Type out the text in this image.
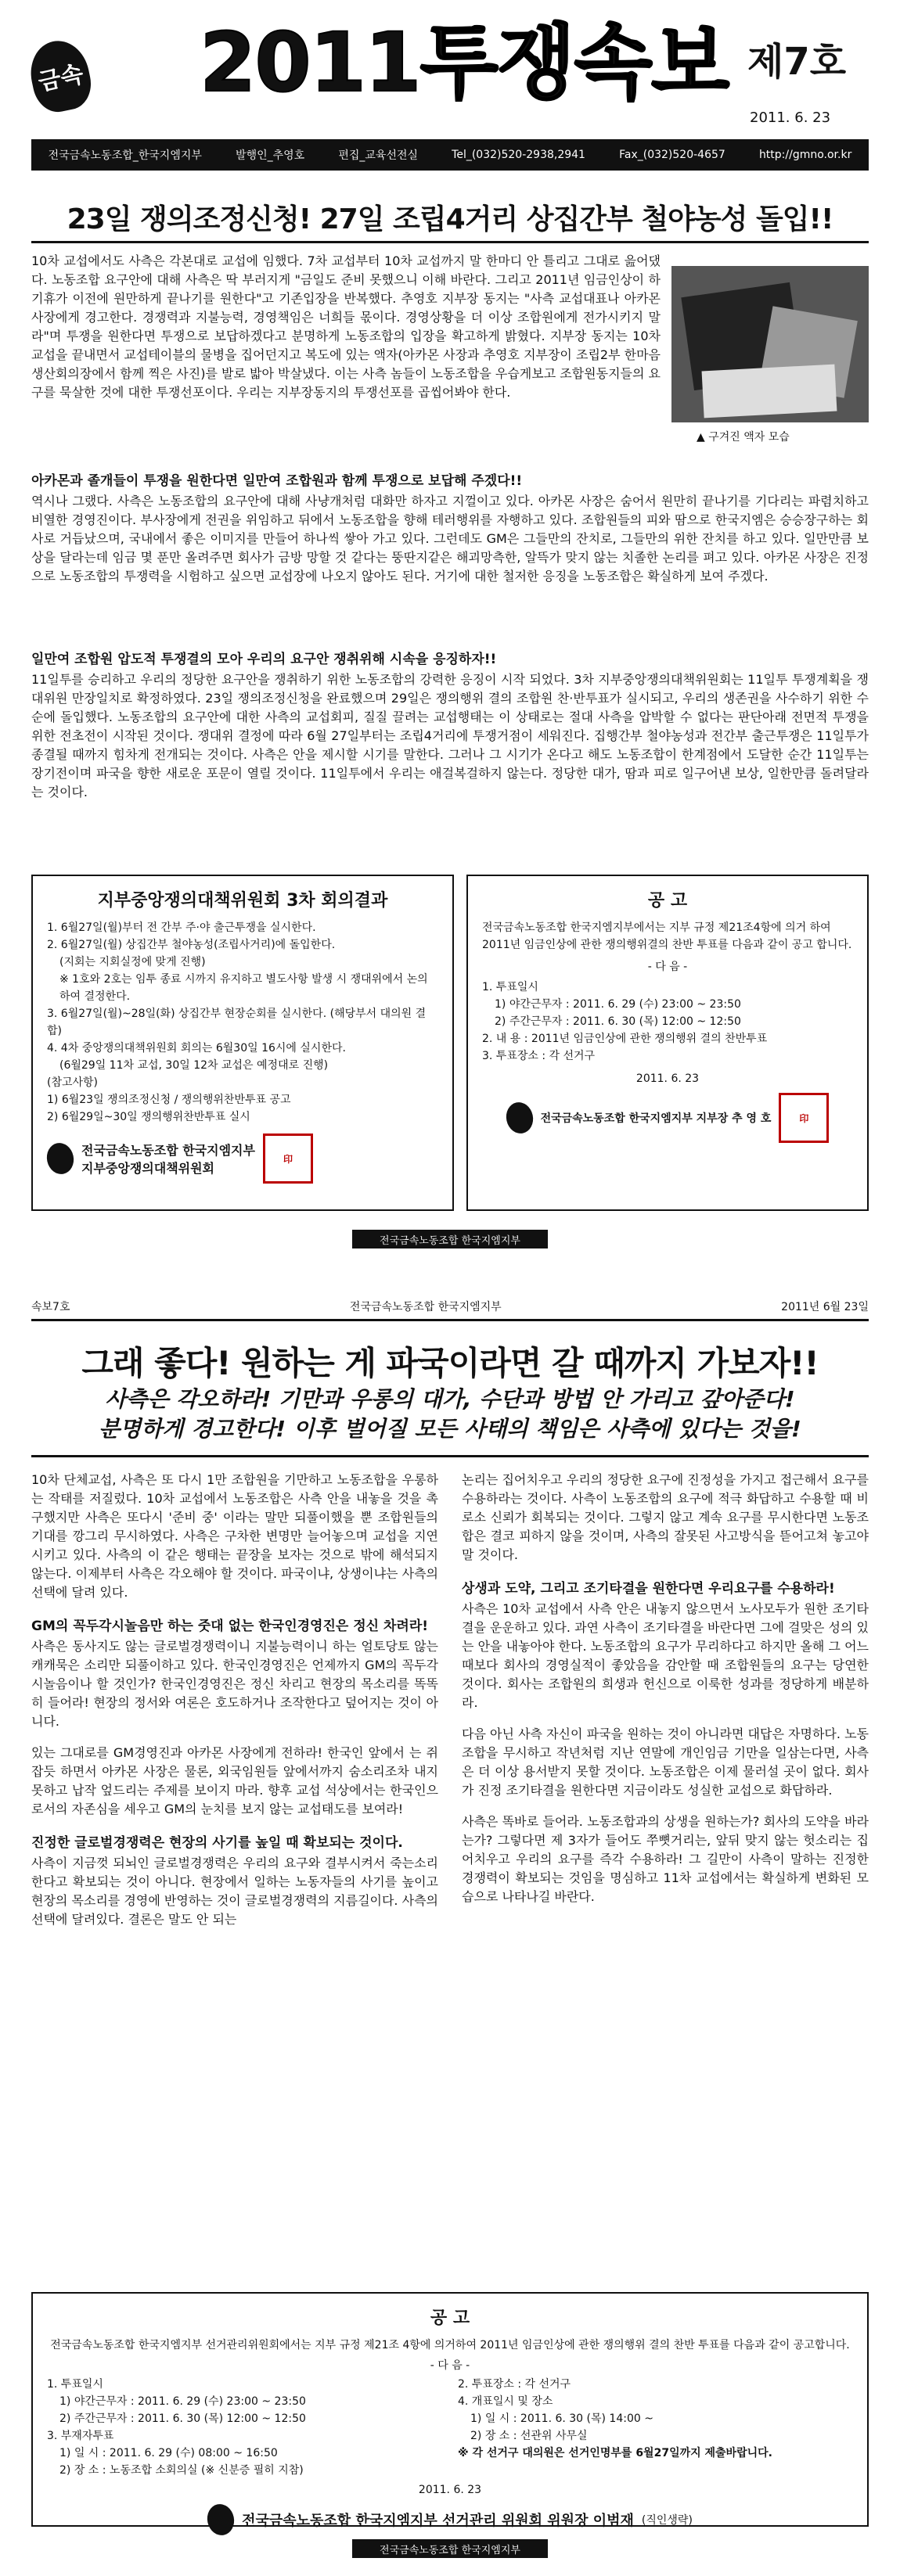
금속 2011투쟁속보 제7호
2011. 6. 23
전국금속노동조합_한국지엠지부	발행인_추영호	편집_교육선전실	Tel_(032)520-2938,2941	Fax_(032)520-4657	http://gmno.or.kr
23일 쟁의조정신청! 27일 조립4거리 상집간부 철야농성 돌입!!

10차 교섭에서도 사측은 각본대로 교섭에 임했다. 7차 교섭부터 10차 교섭까지 말 한마디 안 틀리고 그대로 읊어댔다. 노동조합 요구안에 대해 사측은 딱 부러지게 "금일도 준비 못했으니 이해 바란다. 그리고 2011년 임금인상이 하기휴가 이전에 원만하게 끝나기를 원한다"고 기존입장을 반복했다. 추영호 지부장 동지는 "사측 교섭대표나 아카몬 사장에게 경고한다. 경쟁력과 지불능력, 경영책임은 너희들 몫이다. 경영상황을 더 이상 조합원에게 전가시키지 말라"며 투쟁을 원한다면 투쟁으로 보답하겠다고 분명하게 노동조합의 입장을 확고하게 밝혔다. 지부장 동지는 10차 교섭을 끝내면서 교섭테이블의 물병을 집어던지고 복도에 있는 액자(아카몬 사장과 추영호 지부장이 조립2부 한마음생산회의장에서 함께 찍은 사진)를 발로 밟아 박살냈다. 이는 사측 놈들이 노동조합을 우습게보고 조합원동지들의 요구를 묵살한 것에 대한 투쟁선포이다. 우리는 지부장동지의 투쟁선포를 곱씹어봐야 한다.

▲ 구겨진 액자 모습

아카몬과 졸개들이 투쟁을 원한다면 일만여 조합원과 함께 투쟁으로 보답해 주겠다!!

역시나 그랬다. 사측은 노동조합의 요구안에 대해 사냥개처럼 대화만 하자고 지껄이고 있다. 아카몬 사장은 숨어서 원만히 끝나기를 기다리는 파렴치하고 비열한 경영진이다. 부사장에게 전권을 위임하고 뒤에서 노동조합을 향해 테러행위를 자행하고 있다. 조합원들의 피와 땀으로 한국지엠은 승승장구하는 회사로 거듭났으며, 국내에서 좋은 이미지를 만들어 하나씩 쌓아 가고 있다. 그런데도 GM은 그들만의 잔치로, 그들만의 위한 잔치를 하고 있다. 일만만큼 보상을 달라는데 임금 몇 푼만 올려주면 회사가 금방 망할 것 같다는 뚱딴지같은 해괴망측한, 알뜩가 맞지 않는 치졸한 논리를 펴고 있다. 아카몬 사장은 진정으로 노동조합의 투쟁력을 시험하고 싶으면 교섭장에 나오지 않아도 된다. 거기에 대한 철저한 응징을 노동조합은 확실하게 보여 주겠다.

일만여 조합원 압도적 투쟁결의 모아 우리의 요구안 쟁취위해 시속을 응징하자!!

11일투를 승리하고 우리의 정당한 요구안을 쟁취하기 위한 노동조합의 강력한 응징이 시작 되었다. 3차 지부중앙쟁의대책위원회는 11일투 투쟁계획을 쟁대위원 만장일치로 확정하였다. 23일 쟁의조정신청을 완료했으며 29일은 쟁의행위 결의 조합원 찬·반투표가 실시되고, 우리의 생존권을 사수하기 위한 수순에 돌입했다. 노동조합의 요구안에 대한 사측의 교섭회피, 질질 끌려는 교섭행태는 이 상태로는 절대 사측을 압박할 수 없다는 판단아래 전면적 투쟁을 위한 전초전이 시작된 것이다. 쟁대위 결정에 따라 6월 27일부터는 조립4거리에 투쟁거점이 세워진다. 집행간부 철야농성과 전간부 출근투쟁은 11일투가 종결될 때까지 힘차게 전개되는 것이다. 사측은 안을 제시할 시기를 말한다. 그러나 그 시기가 온다고 해도 노동조합이 한계점에서 도달한 순간 11일투는 장기전이며 파국을 향한 새로운 포문이 열릴 것이다. 11일투에서 우리는 애걸복걸하지 않는다. 정당한 대가, 땀과 피로 일구어낸 보상, 일한만큼 돌려달라는 것이다.

지부중앙쟁의대책위원회 3차 회의결과
1. 6월27일(월)부터 전 간부 주·야 출근투쟁을 실시한다.
2. 6월27일(월) 상집간부 철야농성(조립사거리)에 돌입한다.
(지회는 지회실정에 맞게 진행)
※ 1호와 2호는 임투 종료 시까지 유지하고 별도사항 발생 시 쟁대위에서 논의하여 결정한다.
3. 6월27일(월)~28일(화) 상집간부 현장순회를 실시한다. (해당부서 대의원 결합)
4. 4차 중앙쟁의대책위원회 회의는 6월30일 16시에 실시한다.
(6월29일 11차 교섭, 30일 12차 교섭은 예정대로 진행)
(참고사항)
1) 6월23일 쟁의조정신청 / 쟁의행위찬반투표 공고
2) 6월29일~30일 쟁의행위찬반투표 실시
전국금속노동조합 한국지엠지부
지부중앙쟁의대책위원회
印
공 고

전국금속노동조합 한국지엠지부에서는 지부 규정 제21조4항에 의거 하여 2011년 임금인상에 관한 쟁의행위결의 찬반 투표를 다음과 같이 공고 합니다.

- 다 음 -
1. 투표일시
1) 야간근무자 : 2011. 6. 29 (수) 23:00 ~ 23:50
2) 주간근무자 : 2011. 6. 30 (목) 12:00 ~ 12:50
2. 내 용 : 2011년 임금인상에 관한 쟁의행위 결의 찬반투표
3. 투표장소 : 각 선거구
2011. 6. 23
전국금속노동조합 한국지엠지부 지부장 추 영 호	印
전국금속노동조합 한국지엠지부
속보7호	전국금속노동조합 한국지엠지부	2011년 6월 23일
그래 좋다! 원하는 게 파국이라면 갈 때까지 가보자!!
사측은 각오하라! 기만과 우롱의 대가, 수단과 방법 안 가리고 갚아준다!
분명하게 경고한다! 이후 벌어질 모든 사태의 책임은 사측에 있다는 것을!

10차 단체교섭, 사측은 또 다시 1만 조합원을 기만하고 노동조합을 우롱하는 작태를 저질렀다. 10차 교섭에서 노동조합은 사측 안을 내놓을 것을 촉구했지만 사측은 또다시 '준비 중' 이라는 말만 되풀이했을 뿐 조합원들의 기대를 깡그리 무시하였다. 사측은 구차한 변명만 늘어놓으며 교섭을 지연시키고 있다. 사측의 이 같은 행태는 끝장을 보자는 것으로 밖에 해석되지 않는다. 이제부터 사측은 각오해야 할 것이다. 파국이냐, 상생이냐는 사측의 선택에 달려 있다.

GM의 꼭두각시놀음만 하는 줏대 없는 한국인경영진은 정신 차려라!

사측은 동사지도 않는 글로벌경쟁력이니 지불능력이니 하는 얼토당토 않는 캐캐묵은 소리만 되풀이하고 있다. 한국인경영진은 언제까지 GM의 꼭두각시놀음이나 할 것인가? 한국인경영진은 정신 차리고 현장의 목소리를 똑똑히 들어라! 현장의 정서와 여론은 호도하거나 조작한다고 덮어지는 것이 아니다.

있는 그대로를 GM경영진과 아카몬 사장에게 전하라! 한국인 앞에서 는 쥐 잡듯 하면서 아카몬 사장은 물론, 외국임원들 앞에서까지 숨소리조차 내지 못하고 납작 엎드리는 주제를 보이지 마라. 향후 교섭 석상에서는 한국인으로서의 자존심을 세우고 GM의 눈치를 보지 않는 교섭태도를 보여라!

진정한 글로벌경쟁력은 현장의 사기를 높일 때 확보되는 것이다.

사측이 지금껏 되뇌인 글로벌경쟁력은 우리의 요구와 결부시켜서 죽는소리 한다고 확보되는 것이 아니다. 현장에서 일하는 노동자들의 사기를 높이고 현장의 목소리를 경영에 반영하는 것이 글로벌경쟁력의 지름길이다. 사측의 선택에 달려있다. 결론은 말도 안 되는

논리는 집어치우고 우리의 정당한 요구에 진정성을 가지고 접근해서 요구를 수용하라는 것이다. 사측이 노동조합의 요구에 적극 화답하고 수용할 때 비로소 신뢰가 회복되는 것이다. 그렇지 않고 계속 요구를 무시한다면 노동조합은 결코 피하지 않을 것이며, 사측의 잘못된 사고방식을 뜯어고쳐 놓고야 말 것이다.

상생과 도약, 그리고 조기타결을 원한다면 우리요구를 수용하라!

사측은 10차 교섭에서 사측 안은 내놓지 않으면서 노사모두가 원한 조기타결을 운운하고 있다. 과연 사측이 조기타결을 바란다면 그에 걸맞은 성의 있는 안을 내놓아야 한다. 노동조합의 요구가 무리하다고 하지만 올해 그 어느 때보다 회사의 경영실적이 좋았음을 감안할 때 조합원들의 요구는 당연한 것이다. 회사는 조합원의 희생과 헌신으로 이룩한 성과를 정당하게 배분하라.

다음 아닌 사측 자신이 파국을 원하는 것이 아니라면 대답은 자명하다. 노동조합을 무시하고 작년처럼 지난 연말에 개인임금 기만을 일삼는다면, 사측은 더 이상 용서받지 못할 것이다. 노동조합은 이제 물러설 곳이 없다. 회사가 진정 조기타결을 원한다면 지금이라도 성실한 교섭으로 화답하라.

사측은 똑바로 들어라. 노동조합과의 상생을 원하는가? 회사의 도약을 바라는가? 그렇다면 제 3자가 들어도 쭈뼛거리는, 앞뒤 맞지 않는 헛소리는 집어치우고 우리의 요구를 즉각 수용하라! 그 길만이 사측이 말하는 진정한 경쟁력이 확보되는 것임을 명심하고 11차 교섭에서는 확실하게 변화된 모습으로 나타나길 바란다.

공 고

전국금속노동조합 한국지엠지부 선거관리위원회에서는 지부 규정 제21조 4항에 의거하여 2011년 임금인상에 관한 쟁의행위 결의 찬반 투표를 다음과 같이 공고합니다.

- 다 음 -
1. 투표일시
1) 야간근무자 : 2011. 6. 29 (수) 23:00 ~ 23:50
2) 주간근무자 : 2011. 6. 30 (목) 12:00 ~ 12:50
3. 부재자투표
1) 일 시 : 2011. 6. 29 (수) 08:00 ~ 16:50
2) 장 소 : 노동조합 소회의실 (※ 신분증 필히 지참)
2. 투표장소 : 각 선거구
4. 개표일시 및 장소
1) 일 시 : 2011. 6. 30 (목) 14:00 ~
2) 장 소 : 선관위 사무실
※ 각 선거구 대의원은 선거인명부를 6월27일까지 제출바랍니다.
2011. 6. 23
전국금속노동조합 한국지엠지부 선거관리 위원회 위원장 이범재 (직인생략)
전국금속노동조합 한국지엠지부
